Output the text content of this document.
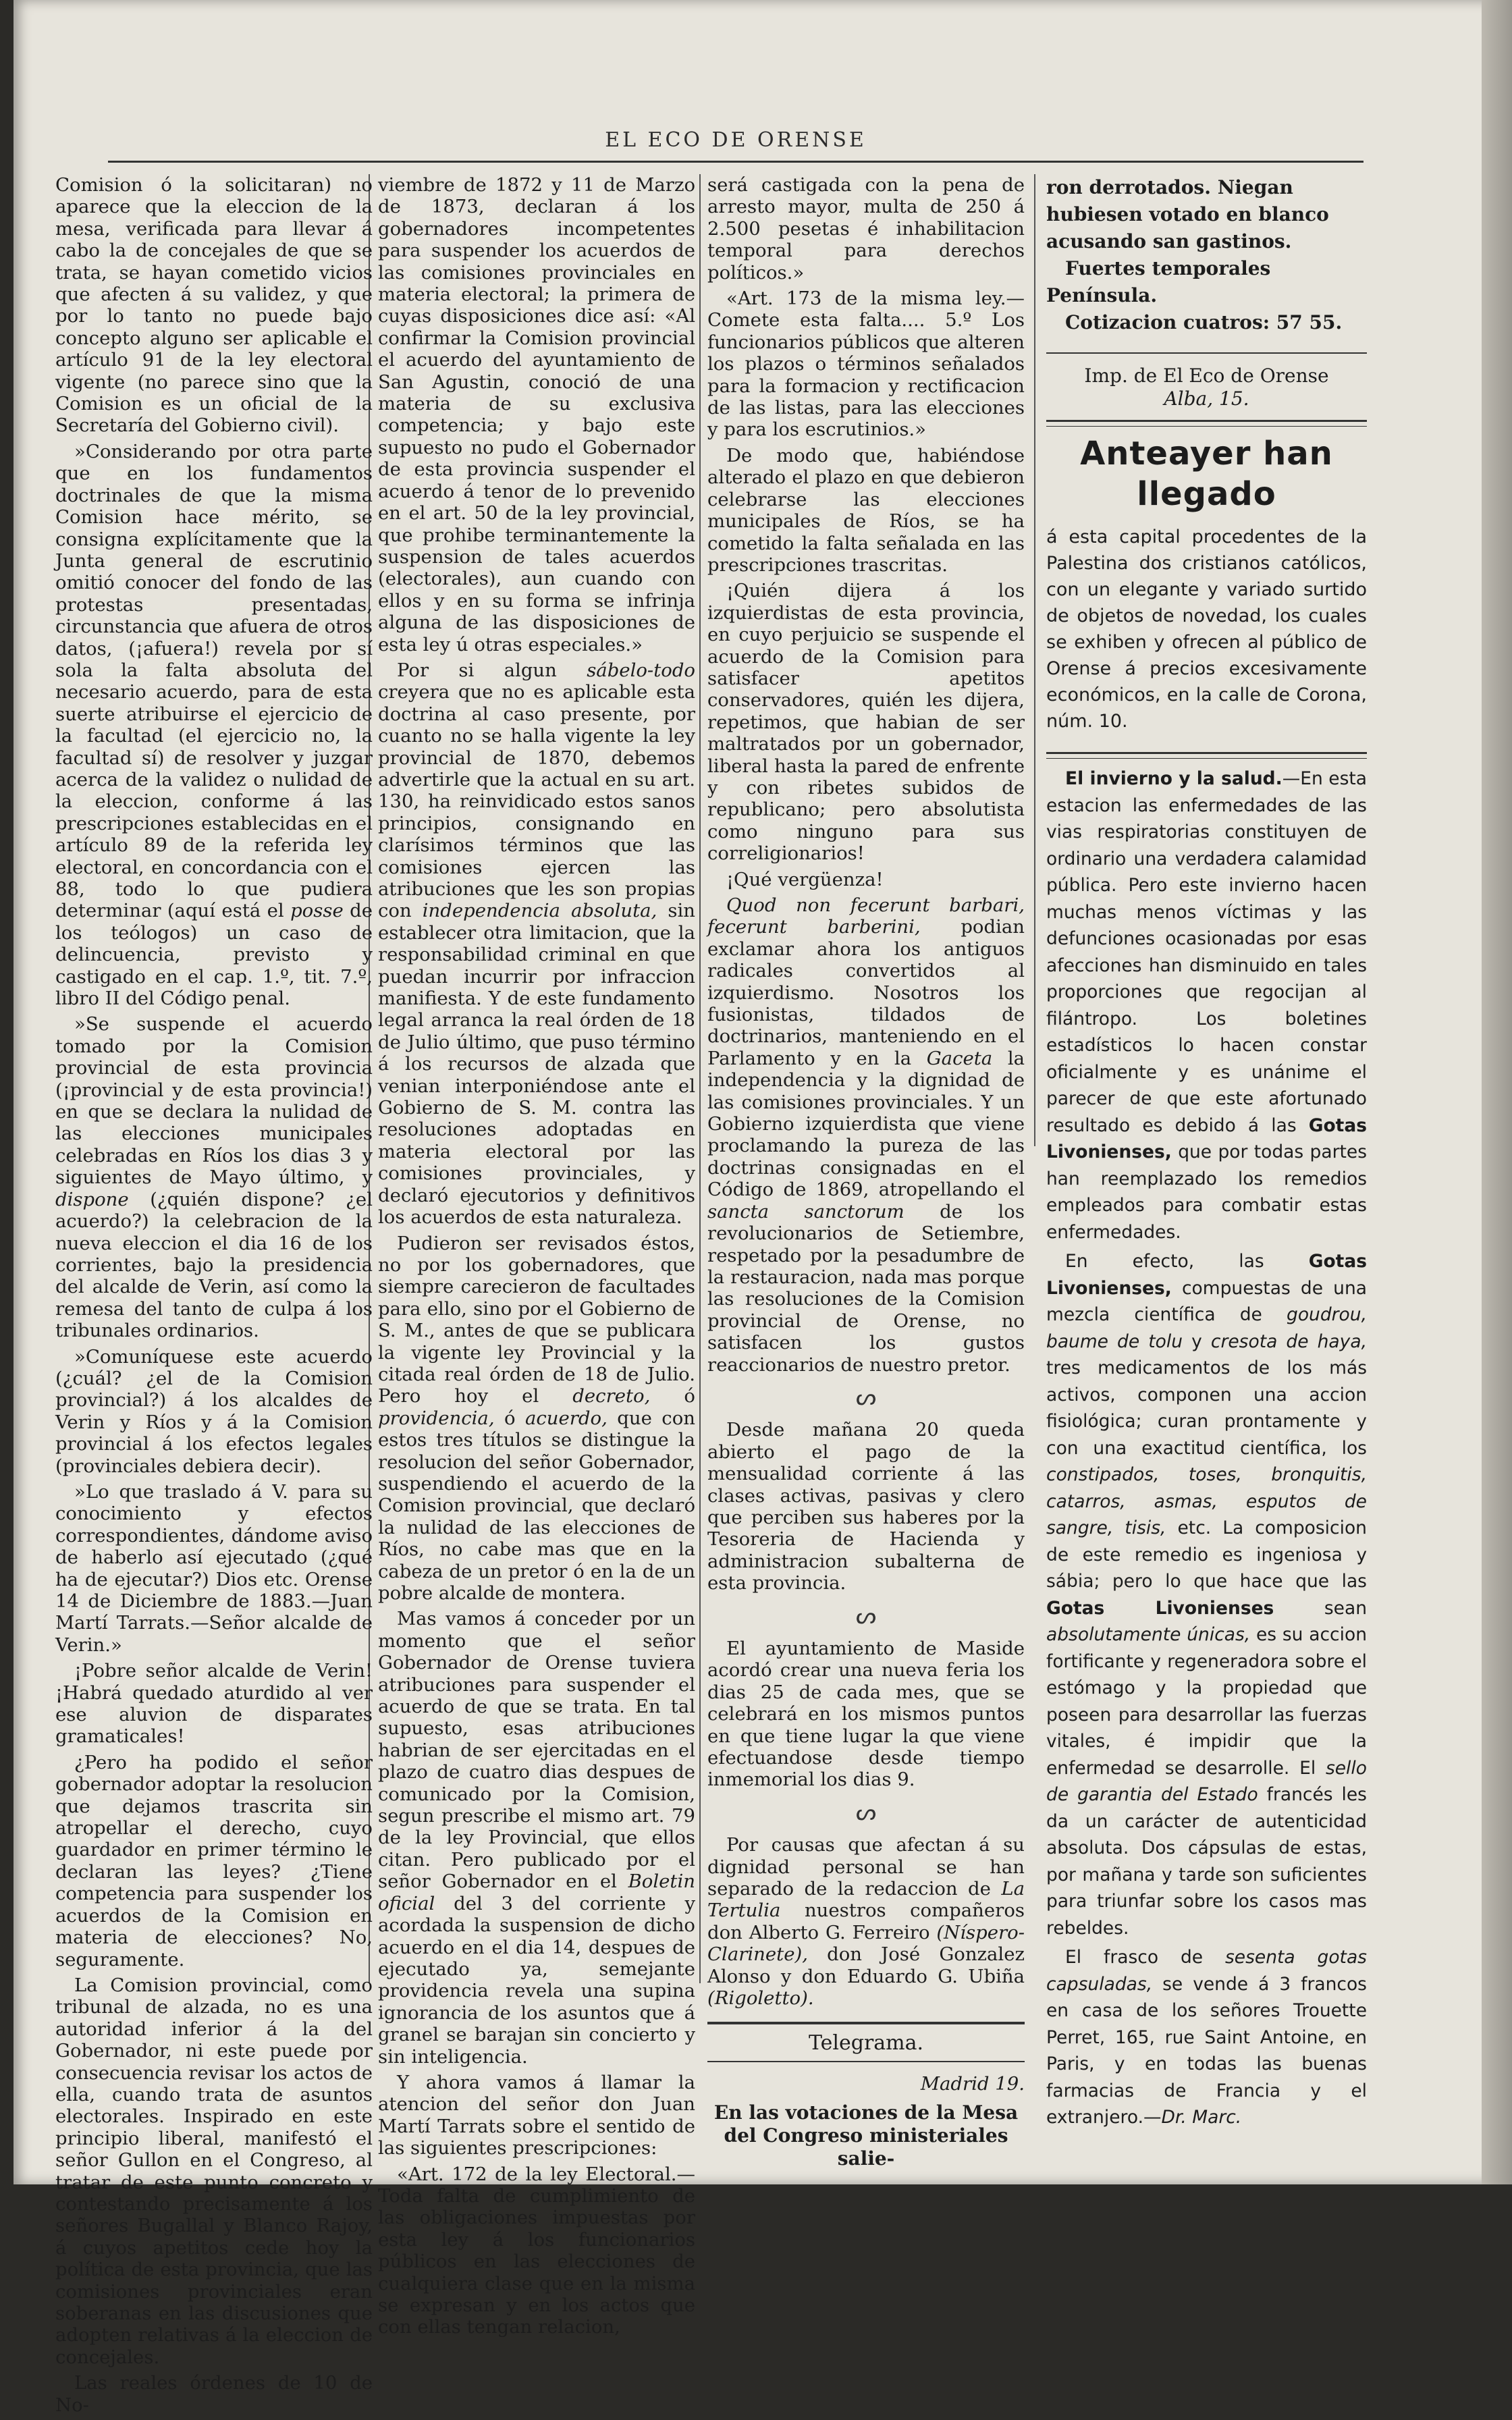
EL ECO DE ORENSE

Comision ó la solicitaran) no aparece que la eleccion de la mesa, verificada para llevar á cabo la de concejales de que se trata, se hayan cometido vicios que afecten á su validez, y que por lo tanto no puede bajo concepto alguno ser aplicable el artículo 91 de la ley electoral vigente (no parece sino que la Comision es un oficial de la Secretaría del Gobierno civil).

»Considerando por otra parte que en los fundamentos doctrinales de que la misma Comision hace mérito, se consigna explícitamente que la Junta general de escrutinio omitió conocer del fondo de las protestas presentadas, circunstancia que afuera de otros datos, (¡afuera!) revela por sí sola la falta absoluta del necesario acuerdo, para de esta suerte atribuirse el ejercicio de la facultad (el ejercicio no, la facultad sí) de resolver y juzgar acerca de la validez o nulidad de la eleccion, conforme á las prescripciones establecidas en el artículo 89 de la referida ley electoral, en concordancia con el 88, todo lo que pudiera determinar (aquí está el posse de los teólogos) un caso de delincuencia, previsto y castigado en el cap. 1.º, tit. 7.º, libro II del Código penal.

»Se suspende el acuerdo tomado por la Comision provincial de esta provincia (¡provincial y de esta provincia!) en que se declara la nulidad de las elecciones municipales celebradas en Ríos los dias 3 y siguientes de Mayo último, y dispone (¿quién dispone? ¿el acuerdo?) la celebracion de la nueva eleccion el dia 16 de los corrientes, bajo la presidencia del alcalde de Verin, así como la remesa del tanto de culpa á los tribunales ordinarios.

»Comuníquese este acuerdo (¿cuál? ¿el de la Comision provincial?) á los alcaldes de Verin y Ríos y á la Comision provincial á los efectos legales (provinciales debiera decir).

»Lo que traslado á V. para su conocimiento y efectos correspondientes, dándome aviso de haberlo así ejecutado (¿qué ha de ejecutar?) Dios etc. Orense 14 de Diciembre de 1883.—Juan Martí Tarrats.—Señor alcalde de Verin.»

¡Pobre señor alcalde de Verin! ¡Habrá quedado aturdido al ver ese aluvion de disparates gramaticales!

¿Pero ha podido el señor gobernador adoptar la resolucion que dejamos trascrita sin atropellar el derecho, cuyo guardador en primer término le declaran las leyes? ¿Tiene competencia para suspender los acuerdos de la Comision en materia de elecciones? No, seguramente.

La Comision provincial, como tribunal de alzada, no es una autoridad inferior á la del Gobernador, ni este puede por consecuencia revisar los actos de ella, cuando trata de asuntos electorales. Inspirado en este principio liberal, manifestó el señor Gullon en el Congreso, al tratar de este punto concreto y contestando precisamente á los señores Bugallal y Blanco Rajoy, á cuyos apetitos cede hoy la política de esta provincia, que las comisiones provinciales eran soberanas en las discusiones que adopten relativas á la eleccion de concejales.

Las reales órdenes de 10 de No-

viembre de 1872 y 11 de Marzo de 1873, declaran á los gobernadores incompetentes para suspender los acuerdos de las comisiones provinciales en materia electoral; la primera de cuyas disposiciones dice así: «Al confirmar la Comision provincial el acuerdo del ayuntamiento de San Agustin, conoció de una materia de su exclusiva competencia; y bajo este supuesto no pudo el Gobernador de esta provincia suspender el acuerdo á tenor de lo prevenido en el art. 50 de la ley provincial, que prohibe terminantemente la suspension de tales acuerdos (electorales), aun cuando con ellos y en su forma se infrinja alguna de las disposiciones de esta ley ú otras especiales.»

Por si algun sábelo-todo creyera que no es aplicable esta doctrina al caso presente, por cuanto no se halla vigente la ley provincial de 1870, debemos advertirle que la actual en su art. 130, ha reinvidicado estos sanos principios, consignando en clarísimos términos que las comisiones ejercen las atribuciones que les son propias con independencia absoluta, sin establecer otra limitacion, que la responsabilidad criminal en que puedan incurrir por infraccion manifiesta. Y de este fundamento legal arranca la real órden de 18 de Julio último, que puso término á los recursos de alzada que venian interponiéndose ante el Gobierno de S. M. contra las resoluciones adoptadas en materia electoral por las comisiones provinciales, y declaró ejecutorios y definitivos los acuerdos de esta naturaleza.

Pudieron ser revisados éstos, no por los gobernadores, que siempre carecieron de facultades para ello, sino por el Gobierno de S. M., antes de que se publicara la vigente ley Provincial y la citada real órden de 18 de Julio. Pero hoy el decreto, ó providencia, ó acuerdo, que con estos tres títulos se distingue la resolucion del señor Gobernador, suspendiendo el acuerdo de la Comision provincial, que declaró la nulidad de las elecciones de Ríos, no cabe mas que en la cabeza de un pretor ó en la de un pobre alcalde de montera.

Mas vamos á conceder por un momento que el señor Gobernador de Orense tuviera atribuciones para suspender el acuerdo de que se trata. En tal supuesto, esas atribuciones habrian de ser ejercitadas en el plazo de cuatro dias despues de comunicado por la Comision, segun prescribe el mismo art. 79 de la ley Provincial, que ellos citan. Pero publicado por el señor Gobernador en el Boletin oficial del 3 del corriente y acordada la suspension de dicho acuerdo en el dia 14, despues de ejecutado ya, semejante providencia revela una supina ignorancia de los asuntos que á granel se barajan sin concierto y sin inteligencia.

Y ahora vamos á llamar la atencion del señor don Juan Martí Tarrats sobre el sentido de las siguientes prescripciones:

«Art. 172 de la ley Electoral.—Toda falta de cumplimiento de las obligaciones impuestas por esta ley á los funcionarios públicos en las elecciones de cualquiera clase que en la misma se expresan y en los actos que con ellas tengan relacion,

será castigada con la pena de arresto mayor, multa de 250 á 2.500 pesetas é inhabilitacion temporal para derechos políticos.»

«Art. 173 de la misma ley.—Comete esta falta.... 5.º Los funcionarios públicos que alteren los plazos o términos señalados para la formacion y rectificacion de las listas, para las elecciones y para los escrutinios.»

De modo que, habiéndose alterado el plazo en que debieron celebrarse las elecciones municipales de Ríos, se ha cometido la falta señalada en las prescripciones trascritas.

¡Quién dijera á los izquierdistas de esta provincia, en cuyo perjuicio se suspende el acuerdo de la Comision para satisfacer apetitos conservadores, quién les dijera, repetimos, que habian de ser maltratados por un gobernador, liberal hasta la pared de enfrente y con ribetes subidos de republicano; pero absolutista como ninguno para sus correligionarios!

¡Qué vergüenza!

Quod non fecerunt barbari, fecerunt barberini, podian exclamar ahora los antiguos radicales convertidos al izquierdismo. Nosotros los fusionistas, tildados de doctrinarios, manteniendo en el Parlamento y en la Gaceta la independencia y la dignidad de las comisiones provinciales. Y un Gobierno izquierdista que viene proclamando la pureza de las doctrinas consignadas en el Código de 1869, atropellando el sancta sanctorum de los revolucionarios de Setiembre, respetado por la pesadumbre de la restauracion, nada mas porque las resoluciones de la Comision provincial de Orense, no satisfacen los gustos reaccionarios de nuestro pretor.

ᔕ

Desde mañana 20 queda abierto el pago de la mensualidad corriente á las clases activas, pasivas y clero que perciben sus haberes por la Tesoreria de Hacienda y administracion subalterna de esta provincia.

ᔕ

El ayuntamiento de Maside acordó crear una nueva feria los dias 25 de cada mes, que se celebrará en los mismos puntos en que tiene lugar la que viene efectuandose desde tiempo inmemorial los dias 9.

ᔕ

Por causas que afectan á su dignidad personal se han separado de la redaccion de La Tertulia nuestros compañeros don Alberto G. Ferreiro (Níspero-Clarinete), don José Gonzalez Alonso y don Eduardo G. Ubiña (Rigoletto).

Telegrama.
Madrid 19.
En las votaciones de la Mesa del Congreso ministeriales salie-
ron derrotados. Niegan hubiesen votado en blanco acusando san gastinos.
Fuertes temporales Península.
Cotizacion cuatros: 57 55.
Imp. de El Eco de Orense
Alba, 15.
Anteayer han llegado
á esta capital procedentes de la Palestina dos cristianos católicos, con un elegante y variado surtido de objetos de novedad, los cuales se exhiben y ofrecen al público de Orense á precios excesivamente económicos, en la calle de Corona, núm. 10.

El invierno y la salud.—En esta estacion las enfermedades de las vias respiratorias constituyen de ordinario una verdadera calamidad pública. Pero este invierno hacen muchas menos víctimas y las defunciones ocasionadas por esas afecciones han disminuido en tales proporciones que regocijan al filántropo. Los boletines estadísticos lo hacen constar oficialmente y es unánime el parecer de que este afortunado resultado es debido á las Gotas Livonienses, que por todas partes han reemplazado los remedios empleados para combatir estas enfermedades.

En efecto, las Gotas Livonienses, compuestas de una mezcla científica de goudrou, baume de tolu y cresota de haya, tres medicamentos de los más activos, componen una accion fisiológica; curan prontamente y con una exactitud científica, los constipados, toses, bronquitis, catarros, asmas, esputos de sangre, tisis, etc. La composicion de este remedio es ingeniosa y sábia; pero lo que hace que las Gotas Livonienses	sean absolutamente únicas, es su accion fortificante y regeneradora sobre el estómago y la propiedad que poseen para desarrollar las fuerzas vitales, é impidir que la enfermedad se desarrolle. El sello de garantia del Estado francés les da un carácter de autenticidad absoluta. Dos cápsulas de estas, por mañana y tarde son suficientes para triunfar sobre los casos mas rebeldes.

El frasco de sesenta gotas capsuladas, se vende á 3 francos en casa de los señores Trouette Perret, 165, rue Saint Antoine, en Paris, y en todas las buenas farmacias de Francia y el extranjero.—Dr. Marc.
